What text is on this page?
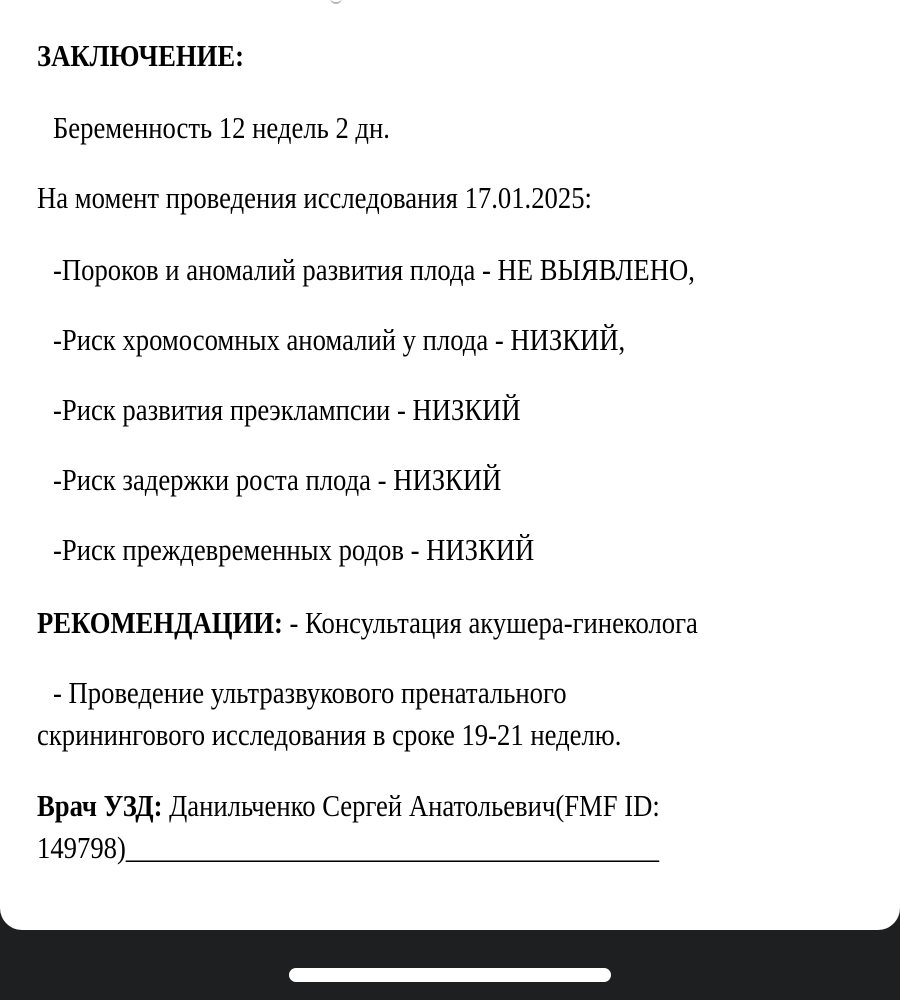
ЗАКЛЮЧЕНИЕ:
Беременность 12 недель 2 дн.
На момент проведения исследования 17.01.2025:
-Пороков и аномалий развития плода - НЕ ВЫЯВЛЕНО,
-Риск хромосомных аномалий у плода - НИЗКИЙ,
-Риск развития преэклампсии - НИЗКИЙ
-Риск задержки роста плода - НИЗКИЙ
-Риск преждевременных родов - НИЗКИЙ
РЕКОМЕНДАЦИИ: - Консультация акушера-гинеколога
- Проведение ультразвукового пренатального
скринингового исследования в сроке 19-21 неделю.
Врач УЗД: Данильченко Сергей Анатольевич(FMF ID:
149798)________________________________________
